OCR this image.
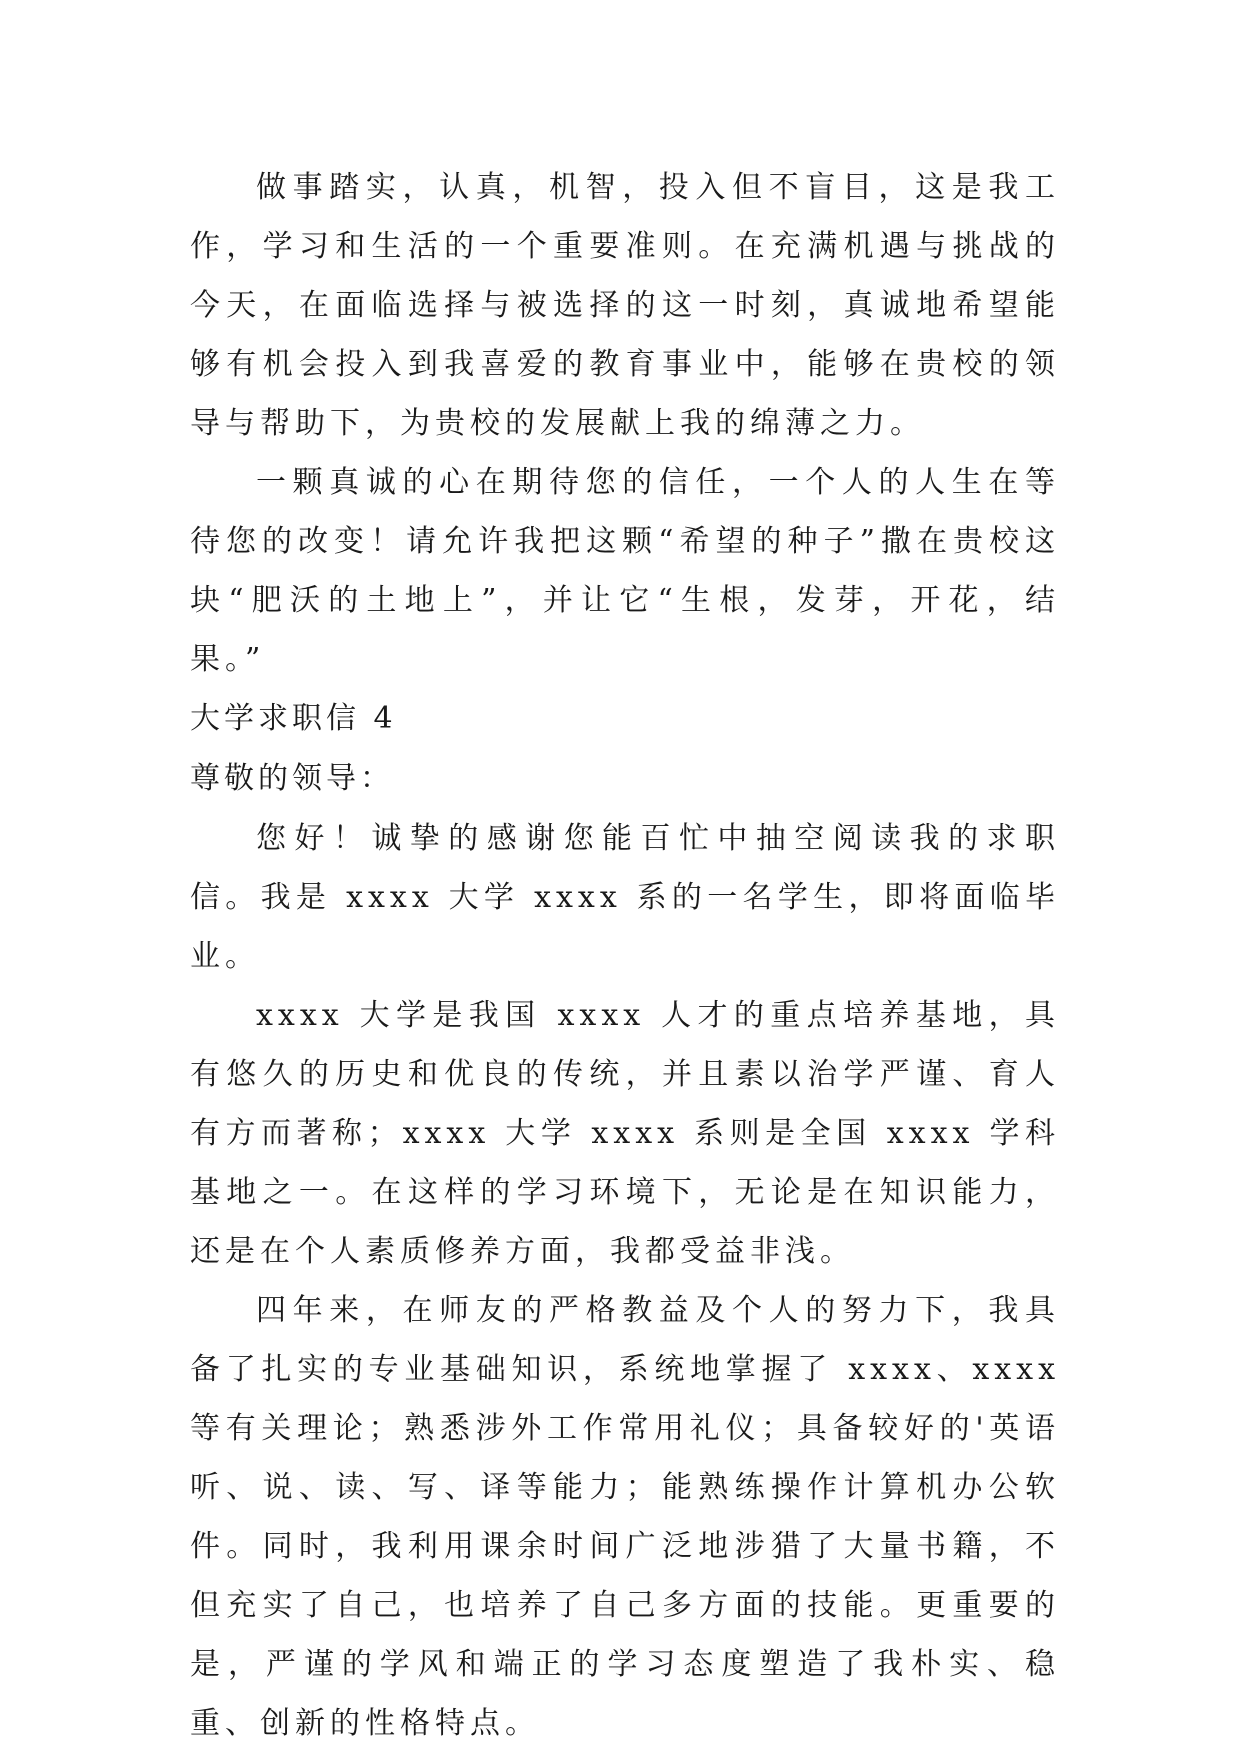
做事踏实，认真，机智，投入但不盲目，这是我工作，学习和生活的一个重要准则。在充满机遇与挑战的今天，在面临选择与被选择的这一时刻，真诚地希望能够有机会投入到我喜爱的教育事业中，能够在贵校的领导与帮助下，为贵校的发展献上我的绵薄之力。

一颗真诚的心在期待您的信任，一个人的人生在等待您的改变！请允许我把这颗“希望的种子”撒在贵校这块“肥沃的土地上”，并让它“生根，发芽，开花，结果。”

大学求职信 4

尊敬的领导：

您好！诚挚的感谢您能百忙中抽空阅读我的求职信。我是 xxxx 大学 xxxx 系的一名学生，即将面临毕业。

xxxx 大学是我国 xxxx 人才的重点培养基地，具有悠久的历史和优良的传统，并且素以治学严谨、育人有方而著称；xxxx 大学 xxxx 系则是全国 xxxx 学科基地之一。在这样的学习环境下，无论是在知识能力，还是在个人素质修养方面，我都受益非浅。

四年来，在师友的严格教益及个人的努力下，我具备了扎实的专业基础知识，系统地掌握了 xxxx、xxxx 等有关理论；熟悉涉外工作常用礼仪；具备较好的'英语听、说、读、写、译等能力；能熟练操作计算机办公软件。同时，我利用课余时间广泛地涉猎了大量书籍，不但充实了自己，也培养了自己多方面的技能。更重要的是，严谨的学风和端正的学习态度塑造了我朴实、稳重、创新的性格特点。
